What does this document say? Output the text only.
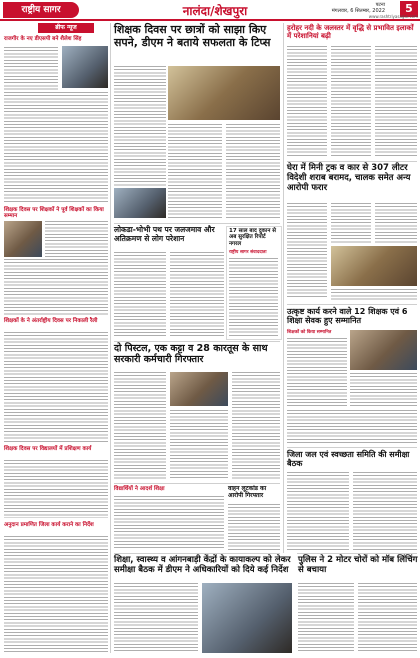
राष्ट्रीय सागर	नालंदा/शेखपुरा	पटना
मंगलवार, 6 सितम्बर, 2022	5
www.rashtriyasagar.com
ब्रीफ न्यूज
राजगीर के नए डीएसपी बने शैलेश सिंह
शिक्षक दिवस पर शिक्षकों ने पूर्व शिक्षकों का किया सम्मान
शिक्षकों के ने अंतर्राष्ट्रीय दिवस पर निकाली रैली
शिक्षक दिवस पर विद्यालयों में प्रशिक्षण कार्य
अनुदान प्रमाणित जिला कार्य कराने का निर्देश
शिक्षक दिवस पर छात्रों को साझा किए सपने, डीएम ने बताये सफलता के टिप्स
लोकडा-भोभी पथ पर जलजमाव और अतिक्रमण से लोग परेशान
17 साल बाद दुकान से अब सुरक्षित रिपोर्ट नगरल
राष्ट्रीय सागर संवाददाता
दो पिस्टल, एक कट्टा व 28 कारतूस के साथ सरकारी कर्मचारी गिरफ्तार
विद्यार्थियों ने आदर्श शिक्षा	वाहन लूटकांड का आरोपी गिरफ्तार
शिक्षा, स्वास्थ्य व आंगनबाड़ी केंद्रों के कायाकल्प को लेकर समीक्षा बैठक में डीएम ने अधिकारियों को दिये कई निर्देश
हरोहर नदी के जलस्तर में वृद्धि से प्रभावित इलाकों में परेशानियां बढ़ी
घेरा में मिनी ट्रक व कार से 307 लीटर विदेशी शराब बरामद, चालक समेत अन्य आरोपी फरार
उत्कृष्ट कार्य करने वाले 12 शिक्षक एवं 6 शिक्षा सेवक हुए सम्मानित
शिक्षकों को किया सम्मानित
जिला जल एवं स्वच्छता समिति की समीक्षा बैठक
पुलिस ने 2 मोटर चोरों को मॉब लिंचिंग से बचाया
